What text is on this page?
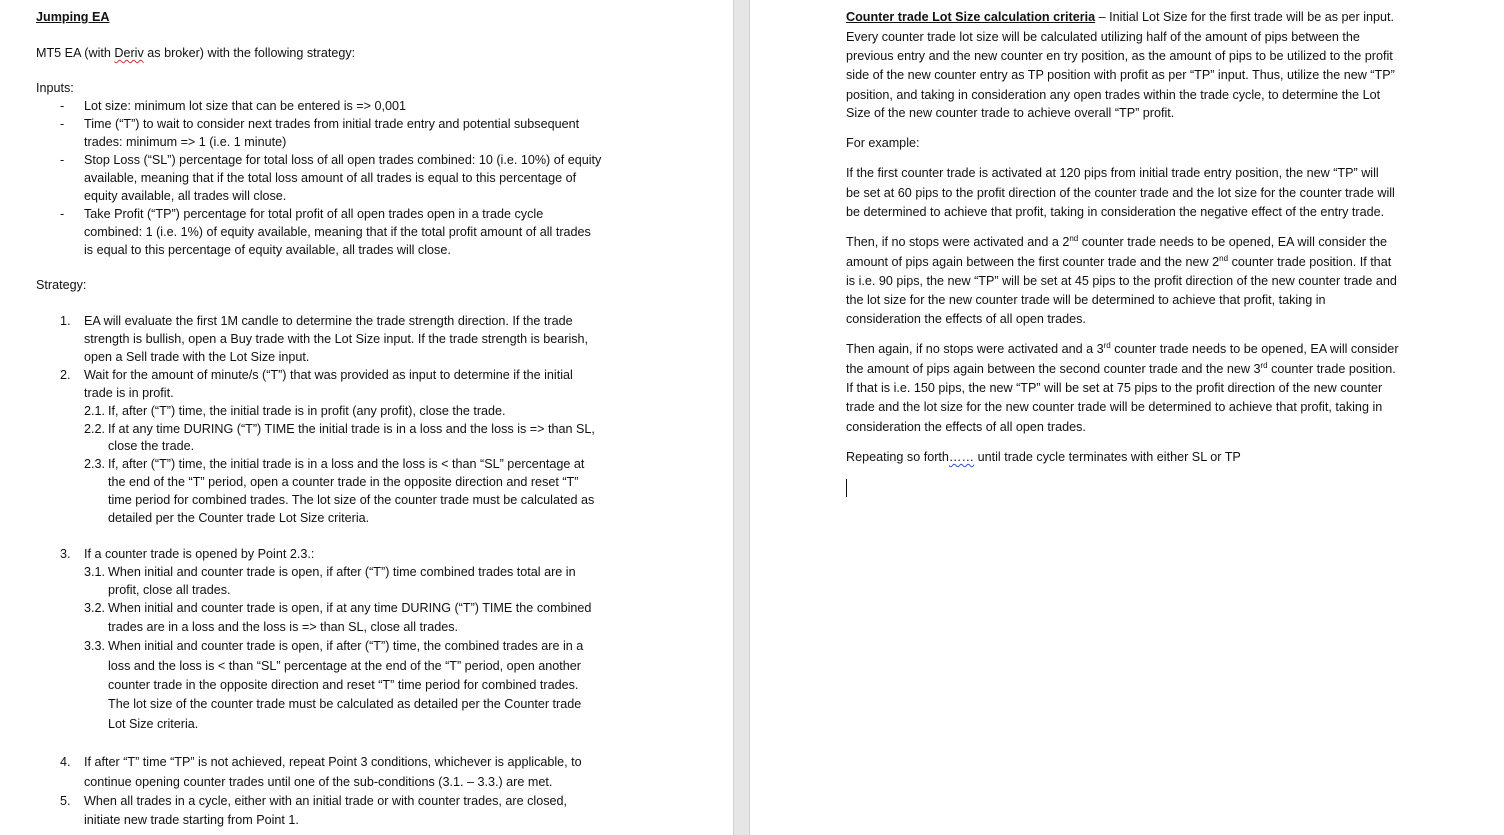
Jumping EA
MT5 EA (with Deriv as broker) with the following strategy:
Inputs:
-	Lot size: minimum lot size that can be entered is => 0,001
-	Time (“T”) to wait to consider next trades from initial trade entry and potential subsequent
trades: minimum => 1 (i.e. 1 minute)
-	Stop Loss (“SL”) percentage for total loss of all open trades combined: 10 (i.e. 10%) of equity
available, meaning that if the total loss amount of all trades is equal to this percentage of
equity available, all trades will close.
-	Take Profit (“TP”) percentage for total profit of all open trades open in a trade cycle
combined: 1 (i.e. 1%) of equity available, meaning that if the total profit amount of all trades
is equal to this percentage of equity available, all trades will close.
Strategy:
1. EA will evaluate the first 1M candle to determine the trade strength direction. If the trade
strength is bullish, open a Buy trade with the Lot Size input. If the trade strength is bearish,
open a Sell trade with the Lot Size input.
2. Wait for the amount of minute/s (“T”) that was provided as input to determine if the initial
trade is in profit.
2.1. If, after (“T”) time, the initial trade is in profit (any profit), close the trade.
2.2. If at any time DURING (“T”) TIME the initial trade is in a loss and the loss is => than SL,
close the trade.
2.3. If, after (“T”) time, the initial trade is in a loss and the loss is < than “SL” percentage at
the end of the “T” period, open a counter trade in the opposite direction and reset “T”
time period for combined trades. The lot size of the counter trade must be calculated as
detailed per the Counter trade Lot Size criteria.
3. If a counter trade is opened by Point 2.3.:
3.1. When initial and counter trade is open, if after (“T”) time combined trades total are in
profit, close all trades.
3.2. When initial and counter trade is open, if at any time DURING (“T”) TIME the combined
trades are in a loss and the loss is => than SL, close all trades.
3.3. When initial and counter trade is open, if after (“T”) time, the combined trades are in a
loss and the loss is < than “SL” percentage at the end of the “T” period, open another
counter trade in the opposite direction and reset “T” time period for combined trades.
The lot size of the counter trade must be calculated as detailed per the Counter trade
Lot Size criteria.
4. If after “T” time “TP” is not achieved, repeat Point 3 conditions, whichever is applicable, to
continue opening counter trades until one of the sub-conditions (3.1. – 3.3.) are met.
5. When all trades in a cycle, either with an initial trade or with counter trades, are closed,
initiate new trade starting from Point 1.
Counter trade Lot Size calculation criteria – Initial Lot Size for the first trade will be as per input.
Every counter trade lot size will be calculated utilizing half of the amount of pips between the
previous entry and the new counter en try position, as the amount of pips to be utilized to the profit
side of the new counter entry as TP position with profit as per “TP” input. Thus, utilize the new “TP”
position, and taking in consideration any open trades within the trade cycle, to determine the Lot
Size of the new counter trade to achieve overall “TP” profit.
For example:
If the first counter trade is activated at 120 pips from initial trade entry position, the new “TP” will
be set at 60 pips to the profit direction of the counter trade and the lot size for the counter trade will
be determined to achieve that profit, taking in consideration the negative effect of the entry trade.
Then, if no stops were activated and a 2nd counter trade needs to be opened, EA will consider the
amount of pips again between the first counter trade and the new 2nd counter trade position. If that
is i.e. 90 pips, the new “TP” will be set at 45 pips to the profit direction of the new counter trade and
the lot size for the new counter trade will be determined to achieve that profit, taking in
consideration the effects of all open trades.
Then again, if no stops were activated and a 3rd counter trade needs to be opened, EA will consider
the amount of pips again between the second counter trade and the new 3rd counter trade position.
If that is i.e. 150 pips, the new “TP” will be set at 75 pips to the profit direction of the new counter
trade and the lot size for the new counter trade will be determined to achieve that profit, taking in
consideration the effects of all open trades.
Repeating so forth…… until trade cycle terminates with either SL or TP
